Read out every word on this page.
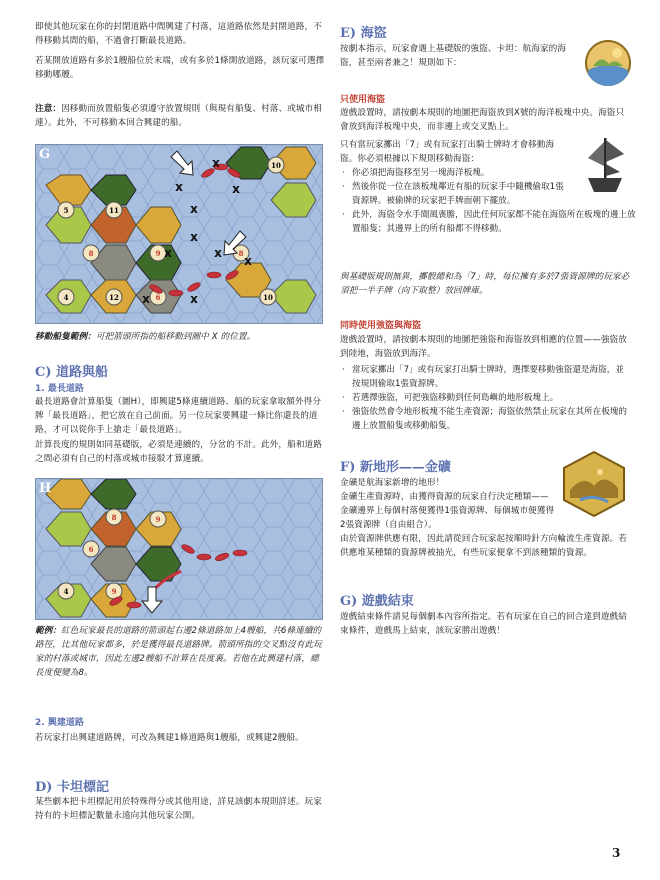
即使其他玩家在你的封閉道路中間興建了村落，這道路依然是封閉道路，不得移動其間的船，不過會打斷最長道路。

若某開放道路有多於1艘船位於末端，或有多於1條開放道路，該玩家可選擇移動哪艘。

注意：因移動而放置船隻必須遵守放置規則（與現有船隻、村落、或城市相連）。此外，不可移動本回合興建的船。

10
5	11
8	9	8
4	12	6	10
x
x	x
x
x
x	x
x	x
x
G

移動船隻範例：可把箭頭所指的船移動到圖中 X 的位置。

C) 道路與船
1. 最長道路

最長道路會計算船隻（圖H），即興建5條連續道路、船的玩家拿取額外得分牌「最長道路」，把它放在自己前面。另一位玩家要興建一條比你還長的道路，才可以從你手上搶走「最長道路」。

計算長度的規則如同基礎版，必須是連續的，分岔的不計。此外，船和道路之間必須有自己的村落或城市接駁才算連續。

8	9
6
4	9
H

範例：紅色玩家最長的道路的箭頭起右邊2條道路加上4艘船，共6條連續的路徑，比其他玩家都多，於是獲得最長道路牌。箭頭所指的交叉點沒有此玩家的村落或城市，因此左邊2艘船不計算在長度裏。若他在此興建村落，總長度便變為8。

2. 興建道路

若玩家打出興建道路牌，可改為興建1條道路與1艘船，或興建2艘船。

D) 卡坦標記

某些劇本把卡坦標記用於特殊得分或其他用途，詳見該劇本規則詳述。玩家持有的卡坦標記數量永遠向其他玩家公開。

E) 海盜

按劇本指示，玩家會遇上基礎版的強盜、卡坦：航海家的海盜，甚至兩者兼之！規則如下：

只使用海盜

遊戲設置時，請按劇本規則的地圖把海盜放到X號的海洋板塊中央。海盜只會放到海洋板塊中央，而非邊上或交叉點上。

只有當玩家擲出「7」或有玩家打出騎士牌時才會移動海盜。你必須根據以下規則移動海盜：

· 你必須把海盜移至另一塊海洋板塊。
· 然後你從一位在該板塊鄰近有船的玩家手中隨機偷取1張資源牌。被偷牌的玩家把手牌面朝下擺放。
· 此外，海盜令水手聞風喪膽，因此任何玩家都不能在海盜所在板塊的邊上放置船隻；其邊界上的所有船都不得移動。

與基礎版規則無異，擲骰總和為「7」時，每位擁有多於7張資源牌的玩家必須把一半手牌（向下取整）放回牌庫。

同時使用強盜與海盜

遊戲設置時，請按劇本規則的地圖把強盜和海盜放到相應的位置——強盜放到陸地，海盜放到海洋。

· 當玩家擲出「7」或有玩家打出騎士牌時，選擇要移動強盜還是海盜，並按規則偷取1張資源牌。
· 若選擇強盜，可把強盜移動到任何島嶼的地形板塊上。
· 強盜依然會令地形板塊不能生產資源；海盜依然禁止玩家在其所在板塊的邊上放置船隻或移動船隻。
F) 新地形——金礦

金礦是航海家新增的地形！

金礦生產資源時，由獲得資源的玩家自行決定種類——金礦邊界上每個村落便獲得1張資源牌、每個城市便獲得2張資源牌（自由組合）。

由於資源牌供應有限，因此請從回合玩家起按順時針方向輪流生產資源。若供應堆某種類的資源牌被抽光，有些玩家便拿不到該種類的資源。

G) 遊戲結束

遊戲結束條件請見每個劇本內容所指定。若有玩家在自己的回合達到遊戲結束條件，遊戲馬上結束，該玩家勝出遊戲！

3
